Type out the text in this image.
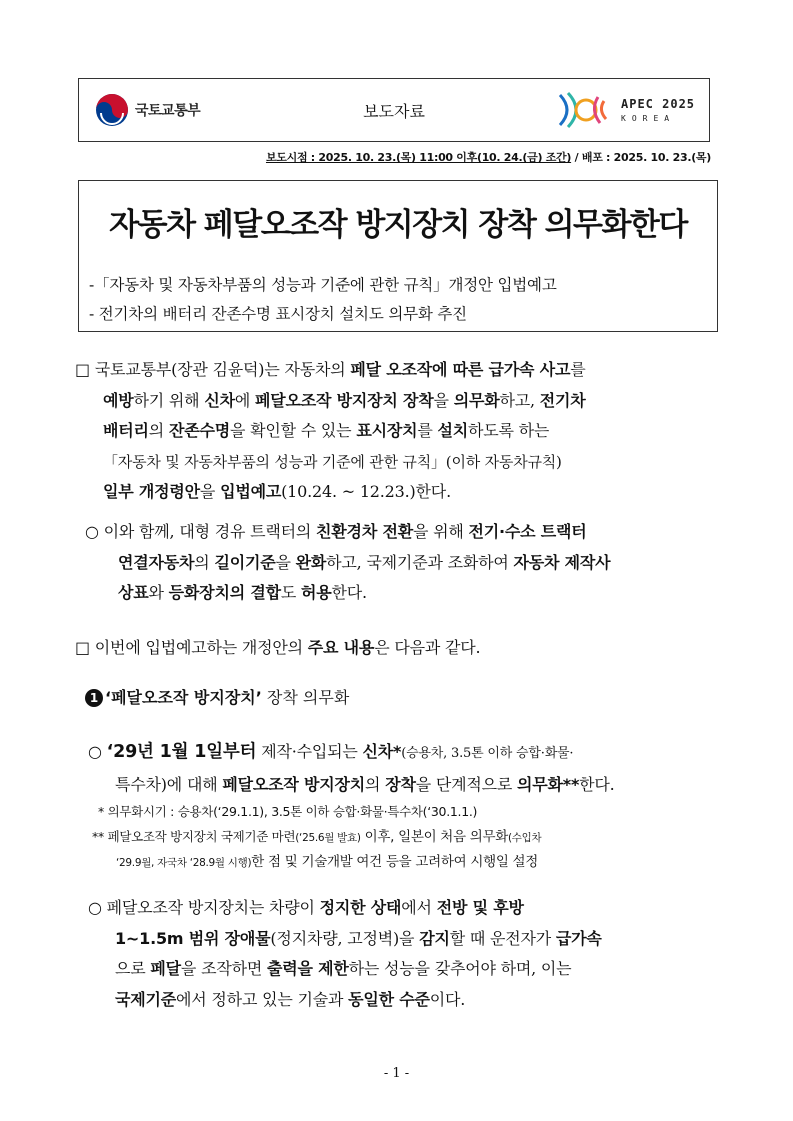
국토교통부	보도자료	APEC 2025
KOREA
보도시점 : 2025. 10. 23.(목) 11:00 이후(10. 24.(금) 조간) / 배포 : 2025. 10. 23.(목)
자동차 페달오조작 방지장치 장착 의무화한다
-「자동차 및 자동차부품의 성능과 기준에 관한 규칙」개정안 입법예고
- 전기차의 배터리 잔존수명 표시장치 설치도 의무화 추진
□ 국토교통부(장관 김윤덕)는 자동차의 페달 오조작에 따른 급가속 사고를
예방하기 위해 신차에 페달오조작 방지장치 장착을 의무화하고, 전기차
배터리의 잔존수명을 확인할 수 있는 표시장치를 설치하도록 하는
「자동차 및 자동차부품의 성능과 기준에 관한 규칙」(이하 자동차규칙)
일부 개정령안을 입법예고(10.24. ~ 12.23.)한다.
○ 이와 함께, 대형 경유 트랙터의 친환경차 전환을 위해 전기·수소 트랙터
연결자동차의 길이기준을 완화하고, 국제기준과 조화하여 자동차 제작사
상표와 등화장치의 결합도 허용한다.
□ 이번에 입법예고하는 개정안의 주요 내용은 다음과 같다.
1 ‘페달오조작 방지장치’ 장착 의무화
○ ‘29년 1월 1일부터 제작·수입되는 신차*(승용차, 3.5톤 이하 승합·화물·
특수차)에 대해 페달오조작 방지장치의 장착을 단계적으로 의무화**한다.
* 의무화시기 : 승용차(‘29.1.1), 3.5톤 이하 승합·화물·특수차(‘30.1.1.)
** 페달오조작 방지장치 국제기준 마련(‘25.6월 발효) 이후, 일본이 처음 의무화(수입차
‘29.9월, 자국차 ‘28.9월 시행)한 점 및 기술개발 여건 등을 고려하여 시행일 설정
○ 페달오조작 방지장치는 차량이 정지한 상태에서 전방 및 후방
1~1.5m 범위 장애물(정지차량, 고정벽)을 감지할 때 운전자가 급가속
으로 페달을 조작하면 출력을 제한하는 성능을 갖추어야 하며, 이는
국제기준에서 정하고 있는 기술과 동일한 수준이다.
- 1 -
